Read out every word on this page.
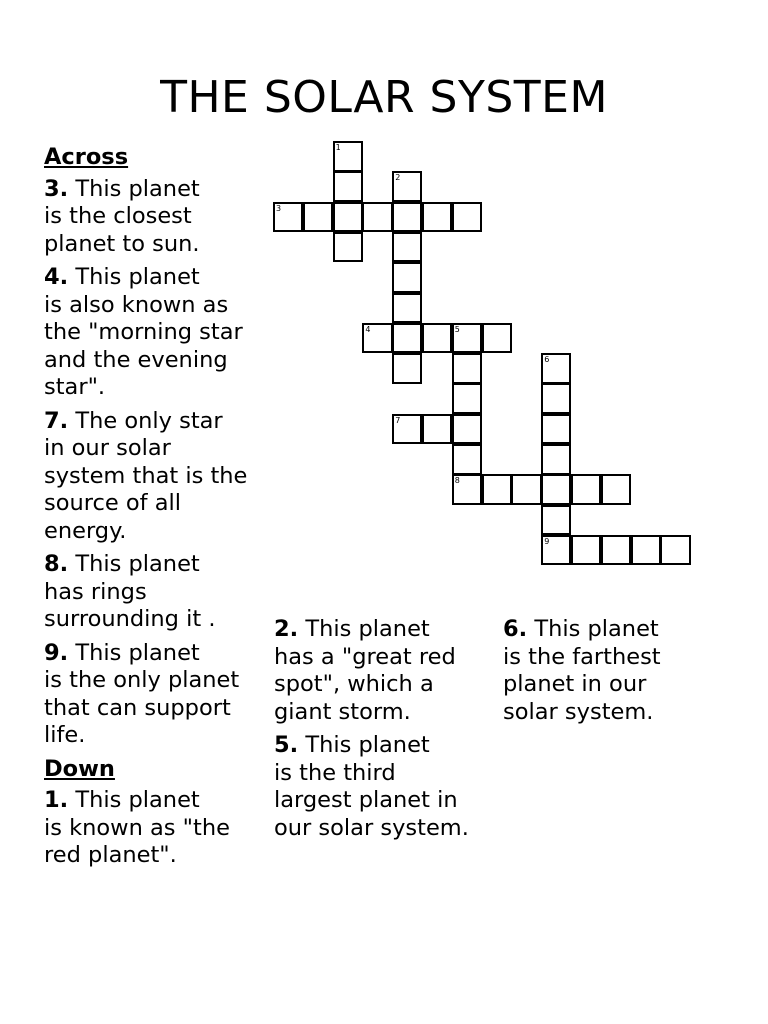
THE SOLAR SYSTEM
Across
3. This planet
is the closest
planet to sun.
4. This planet
is also known as
the "morning star
and the evening
star".
7. The only star
in our solar
system that is the
source of all
energy.
8. This planet
has rings
surrounding it .
9. This planet
is the only planet
that can support
life.
Down
1. This planet
is known as "the
red planet".
2. This planet
has a "great red
spot", which a
giant storm.
5. This planet
is the third
largest planet in
our solar system.
6. This planet
is the farthest
planet in our
solar system.
1
2
3
4	5
8
6
9
7
